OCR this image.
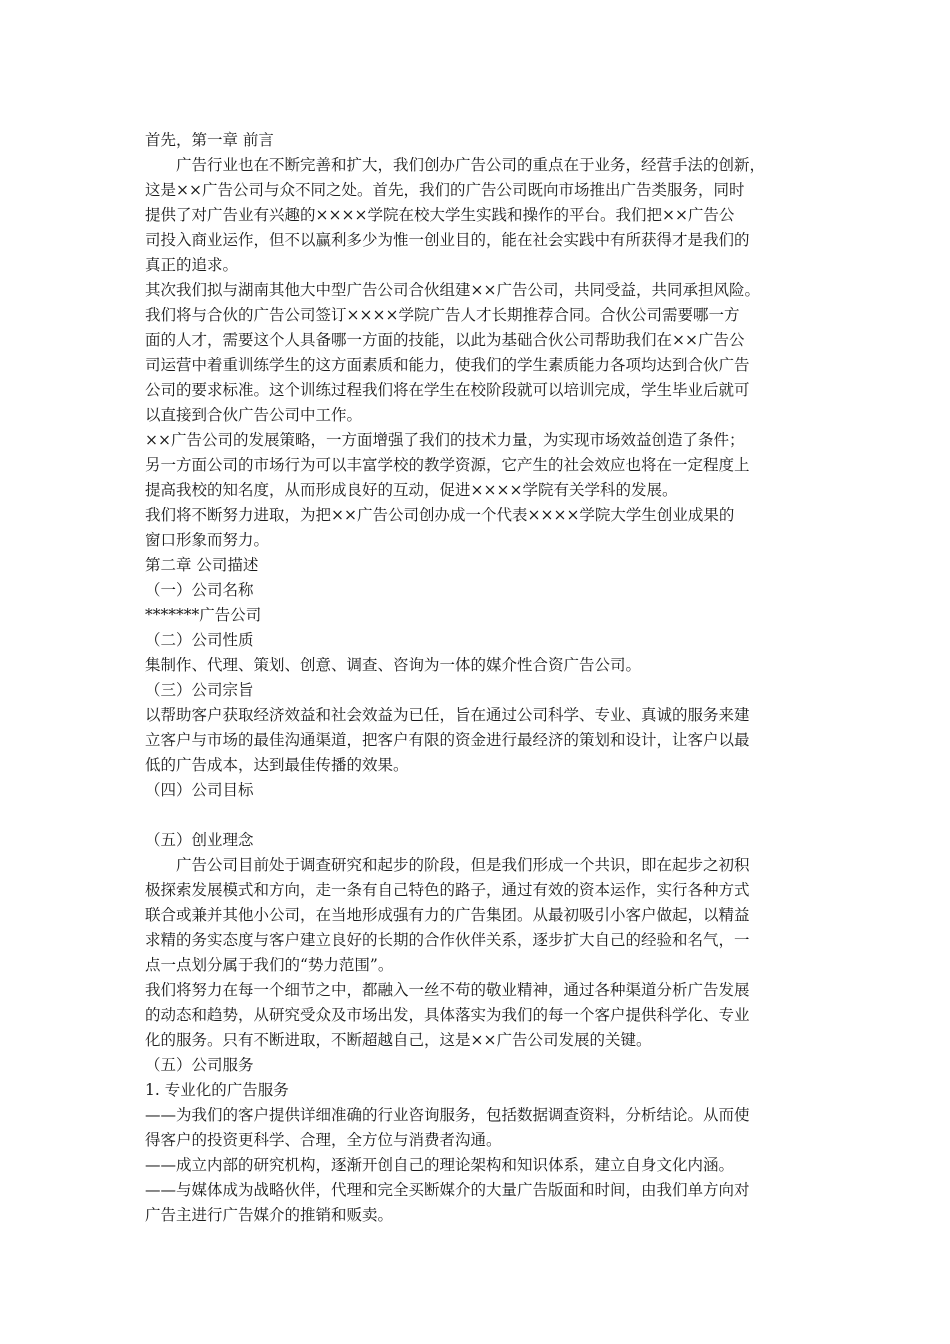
首先，第一章 前言
广告行业也在不断完善和扩大，我们创办广告公司的重点在于业务，经营手法的创新，
这是××广告公司与众不同之处。首先，我们的广告公司既向市场推出广告类服务，同时
提供了对广告业有兴趣的××××学院在校大学生实践和操作的平台。我们把××广告公
司投入商业运作，但不以赢利多少为惟一创业目的，能在社会实践中有所获得才是我们的
真正的追求。
其次我们拟与湖南其他大中型广告公司合伙组建××广告公司，共同受益，共同承担风险。
我们将与合伙的广告公司签订××××学院广告人才长期推荐合同。合伙公司需要哪一方
面的人才，需要这个人具备哪一方面的技能，以此为基础合伙公司帮助我们在××广告公
司运营中着重训练学生的这方面素质和能力，使我们的学生素质能力各项均达到合伙广告
公司的要求标准。这个训练过程我们将在学生在校阶段就可以培训完成，学生毕业后就可
以直接到合伙广告公司中工作。
××广告公司的发展策略，一方面增强了我们的技术力量，为实现市场效益创造了条件；
另一方面公司的市场行为可以丰富学校的教学资源，它产生的社会效应也将在一定程度上
提高我校的知名度，从而形成良好的互动，促进××××学院有关学科的发展。
我们将不断努力进取，为把××广告公司创办成一个代表××××学院大学生创业成果的
窗口形象而努力。
第二章 公司描述
（一）公司名称
*******广告公司
（二）公司性质
集制作、代理、策划、创意、调查、咨询为一体的媒介性合资广告公司。
（三）公司宗旨
以帮助客户获取经济效益和社会效益为已任，旨在通过公司科学、专业、真诚的服务来建
立客户与市场的最佳沟通渠道，把客户有限的资金进行最经济的策划和设计，让客户以最
低的广告成本，达到最佳传播的效果。
（四）公司目标
（五）创业理念
广告公司目前处于调查研究和起步的阶段，但是我们形成一个共识，即在起步之初积
极探索发展模式和方向，走一条有自己特色的路子，通过有效的资本运作，实行各种方式
联合或兼并其他小公司，在当地形成强有力的广告集团。从最初吸引小客户做起，以精益
求精的务实态度与客户建立良好的长期的合作伙伴关系，逐步扩大自己的经验和名气，一
点一点划分属于我们的“势力范围”。
我们将努力在每一个细节之中，都融入一丝不苟的敬业精神，通过各种渠道分析广告发展
的动态和趋势，从研究受众及市场出发，具体落实为我们的每一个客户提供科学化、专业
化的服务。只有不断进取，不断超越自己，这是××广告公司发展的关键。
（五）公司服务
1. 专业化的广告服务
——为我们的客户提供详细准确的行业咨询服务，包括数据调查资料，分析结论。从而使
得客户的投资更科学、合理，全方位与消费者沟通。
——成立内部的研究机构，逐渐开创自己的理论架构和知识体系，建立自身文化内涵。
——与媒体成为战略伙伴，代理和完全买断媒介的大量广告版面和时间，由我们单方向对
广告主进行广告媒介的推销和贩卖。
